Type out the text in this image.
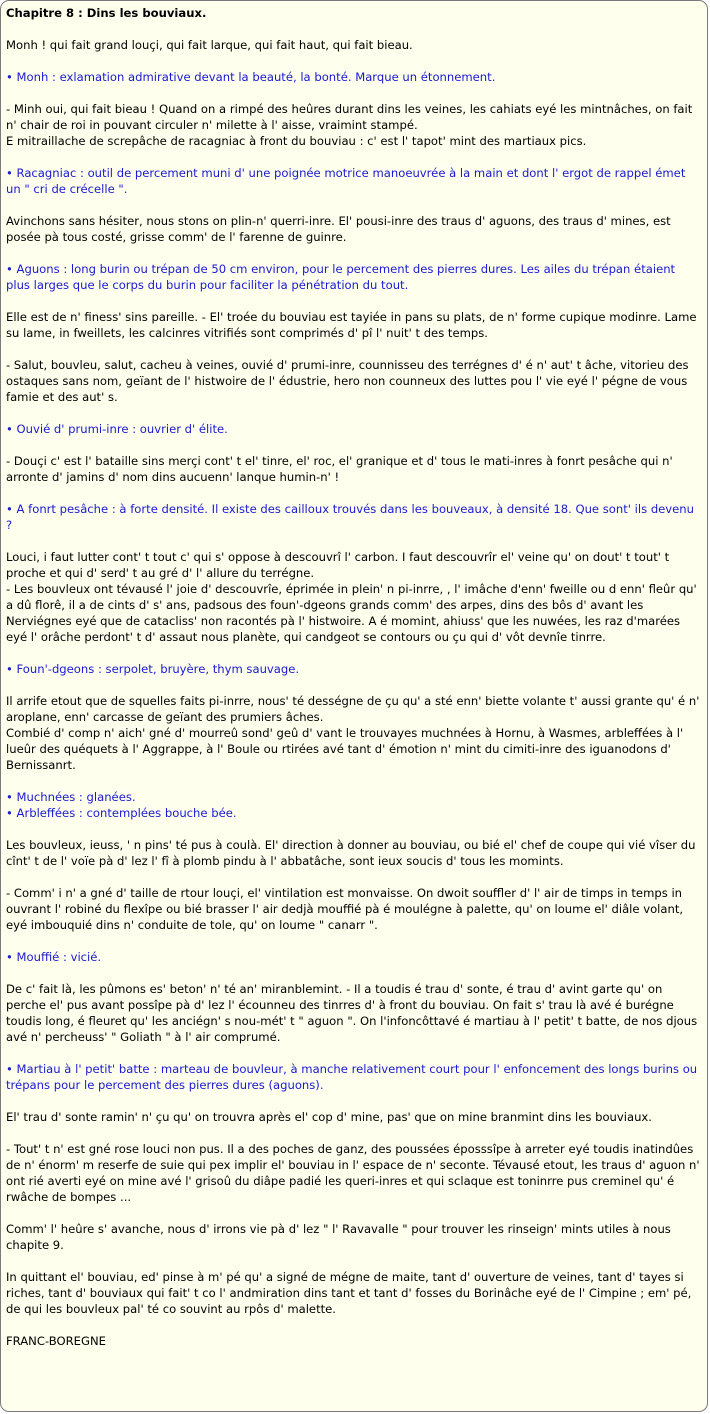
Chapitre 8 : Dins les bouviaux.
Monh ! qui fait grand louçi, qui fait larque, qui fait haut, qui fait bieau.
• Monh : exlamation admirative devant la beauté, la bonté. Marque un étonnement.
- Minh oui, qui fait bieau ! Quand on a rimpé des heûres durant dins les veines, les cahiats eyé les mintnâches, on fait n' chair de roi in pouvant circuler n' milette à l' aisse, vraimint stampé.
E mitraillache de screpâche de racagniac à front du bouviau : c' est l' tapot' mint des martiaux pics.
• Racagniac : outil de percement muni d' une poignée motrice manoeuvrée à la main et dont l' ergot de rappel émet un " cri de crécelle ".
Avinchons sans hésiter, nous stons on plin-n' querri-inre. El' pousi-inre des traus d' aguons, des traus d' mines, est posée pà tous costé, grisse comm' de l' farenne de guinre.
• Aguons : long burin ou trépan de 50 cm environ, pour le percement des pierres dures. Les ailes du trépan étaient plus larges que le corps du burin pour faciliter la pénétration du tout.
Elle est de n' finess' sins pareille. - El' troée du bouviau est tayiée in pans su plats, de n' forme cupique modinre. Lame su lame, in fweillets, les calcinres vitrifiés sont comprimés d' pî l' nuit' t des temps.
- Salut, bouvleu, salut, cacheu à veines, ouvié d' prumi-inre, counnisseu des terrégnes d' é n' aut' t âche, vitorieu des ostaques sans nom, geïant de l' histwoire de l' édustrie, hero non counneux des luttes pou l' vie eyé l' pégne de vous famie et des aut' s.
• Ouvié d' prumi-inre : ouvrier d' élite.
- Douçi c' est l' bataille sins merçi cont' t el' tinre, el' roc, el' granique et d' tous le mati-inres à fonrt pesâche qui n' arronte d' jamins d' nom dins aucuenn' lanque humin-n' !
• A fonrt pesâche : à forte densité. Il existe des cailloux trouvés dans les bouveaux, à densité 18. Que sont' ils devenu ?
Louci, i faut lutter cont' t tout c' qui s' oppose à descouvrî l' carbon. I faut descouvrîr el' veine qu' on dout' t tout' t proche et qui d' serd' t au gré d' l' allure du terrégne.
- Les bouvleux ont tévausé l' joie d' descouvrîe, éprimée in plein' n pi-inrre, , l' imâche d'enn' fweille ou d enn' fleûr qu' a dû florê, il a de cints d' s' ans, padsous des foun'-dgeons grands comm' des arpes, dins des bôs d' avant les Nerviégnes eyé que de catacliss' non racontés pà l' histwoire. A é momint, ahiuss' que les nuwées, les raz d'marées eyé l' orâche perdont' t d' assaut nous planète, qui candgeot se contours ou çu qui d' vôt devnîe tinrre.
• Foun'-dgeons : serpolet, bruyère, thym sauvage.
Il arrife etout que de squelles faits pi-inrre, nous' té dességne de çu qu' a sté enn' biette volante t' aussi grante qu' é n' aroplane, enn' carcasse de geïant des prumiers âches.
Combié d' comp n' aich' gné d' mourreû sond' geû d' vant le trouvayes muchnées à Hornu, à Wasmes, arbleffées à l' lueûr des quéquets à l' Aggrappe, à l' Boule ou rtirées avé tant d' émotion n' mint du cimiti-inre des iguanodons d' Bernissanrt.
• Muchnées : glanées.
• Arbleffées : contemplées bouche bée.
Les bouvleux, ieuss, ' n pins' té pus à coulà. El' direction à donner au bouviau, ou bié el' chef de coupe qui vié vîser du cînt' t de l' voïe pà d' lez l' fî à plomb pindu à l' abbatâche, sont ieux soucis d' tous les momints.
- Comm' i n' a gné d' taille de rtour louçi, el' vintilation est monvaisse. On dwoit souffler d' l' air de timps in temps in ouvrant l' robiné du flexîpe ou bié brasser l' air dedjà mouffié pà é moulégne à palette, qu' on loume el' diâle volant, eyé imbouquié dins n' conduite de tole, qu' on loume " canarr ".
• Mouffié : vicié.
De c' fait là, les pûmons es' beton' n' té an' miranblemint. - Il a toudis é trau d' sonte, é trau d' avint garte qu' on perche el' pus avant possîpe pà d' lez l' écounneu des tinrres d' à front du bouviau. On fait s' trau là avé é burégne toudis long, é fleuret qu' les anciégn' s nou-mét' t " aguon ". On l'infoncôttavé é martiau à l' petit' t batte, de nos djous avé n' percheuss' " Goliath " à l' air comprumé.
• Martiau à l' petit' batte : marteau de bouvleur, à manche relativement court pour l' enfoncement des longs burins ou trépans pour le percement des pierres dures (aguons).
El' trau d' sonte ramin' n' çu qu' on trouvra après el' cop d' mine, pas' que on mine branmint dins les bouviaux.
- Tout' t n' est gné rose louci non pus. Il a des poches de ganz, des poussées éposssîpe à arreter eyé toudis inatindûes de n' énorm' m reserfe de suie qui pex implir el' bouviau in l' espace de n' seconte. Tévausé etout, les traus d' aguon n' ont rié averti eyé on mine avé l' grisoû du diâpe padié les queri-inres et qui sclaque est toninrre pus creminel qu' é rwâche de bompes ...
Comm' l' heûre s' avanche, nous d' irrons vie pà d' lez " l' Ravavalle " pour trouver les rinseign' mints utiles à nous chapite 9.
In quittant el' bouviau, ed' pinse à m' pé qu' a signé de mégne de maite, tant d' ouverture de veines, tant d' tayes si riches, tant d' bouviaux qui fait' t co l' andmiration dins tant et tant d' fosses du Borinâche eyé de l' Cimpine ; em' pé, de qui les bouvleux pal' té co souvint au rpôs d' malette.
FRANC-BOREGNE
